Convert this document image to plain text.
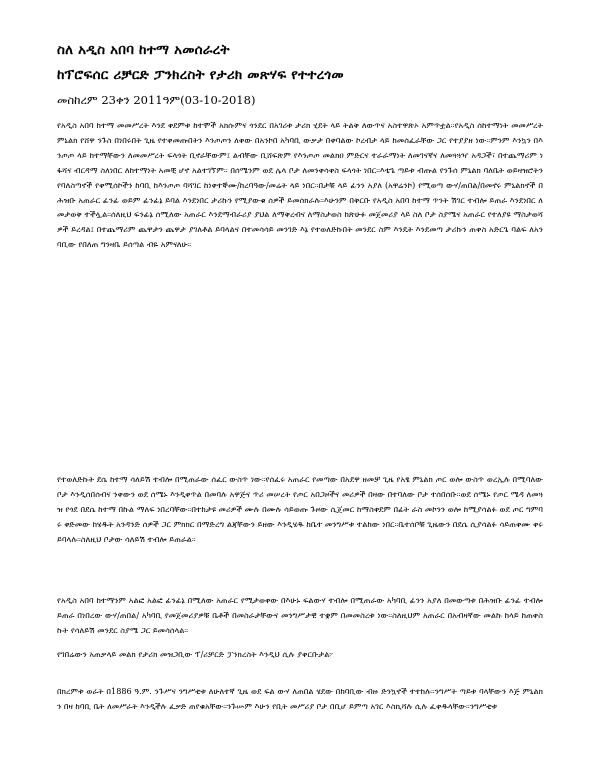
ስለ አዲስ አበባ ከተማ አመሰራረት
ከፕሮፍሰር ሪቻርድ ፓንክረስት የታሪክ መጽሃፍ የተተረጎመ
መስከረም 23ቀን 2011ዓም(03-10-2018)

የአዲስ አበባ ከተማ መመሥረት እንደ ቀደምቱ ከተሞች አክሱምና ጎንደር በአገሪቱ ታሪክ ሂደት ላይ ትልቅ ለውጥና አስተዋጽኦ አምጥቷል።የአዲስ ሰከተማነት መመሥረት ምኒልክ የሸዋ ንጉስ በነበሩበት ጊዜ የተቀመጡበትን እንጦጦን ለቀው በአንኮበ አካባቢ ውቃታ በቀባልው ኮረብታ ላይ ከመሰፈራቸው ጋር የተያያዘ ነው።ምንም እንኳን በእንጦጦ ላይ ከተማቸውን ለመመሥረት ፍላጎት ቢኖራቸውም፤ ልብቸው ቢሸፍጽም የእንጦጦ መልክዐ ምድርና ተራራማነት ለመገናኛና ለመጓጓዣ አዳጋች፣ በተጨማሪም ነፋሻና ብርዳማ ስለነበር ለከተማነት አመቺ ሆኖ አልተገኘም። በሰሜንም ወደ ሌላ ቦታ ለመንቀሳቀስ ፍላጎት ነበር።እቴጌ ጣይቱ ብጡል የንጉሰ ምኒልክ ባለቤት ወይዛዝሮትን የባለስጣኖች የቀሚሰኮችን ከባቢ ከእንጦጦ ባሻገር ከነቀተኞሙ/ከረባዓው/መሬት ላይ ነበር።በታቹ ላይ ፊንን አያለ (አዋሬንኮ) የሚወጣ ውሃ/ጠበል/በመኖሩ ምኒልክኖች በሕዝቡ አጠራር ፊንፊ ወይም ፊንፊኔ ይባል እንደነበር ታሪኩን የሚያውቁ ሰዎች ይመሰክራሉ።እሁንም በቅርቡ የአዲስ አበባ ከተማ ጥንት ሽገር ተብሎ ይጠራ እንደነበር ለመታወቅ ተችሏል።ሰለዚህ ፍንፊኔ ሰሚለው አጠራር እንደማብራሪያ ያህል ለማቅረብና ለማስታወስ ከጽሁፉ መጀመሪያ ላይ ስለ ቦታ ስያሜና አጠራር የተለያዩ ማስታወሻዎች ይረዳል፤ በተጨማሪም ጨዋታን ጨዋታ ያገለቶል ይባላልና በተመሳሳይ መንገድ እኔ የተወለድኩበት መንደር ስም እንዴት እንደመጣ ታሪኩን ጠቀስ አድርጌ ባልፍ ለአንባቢው የበለጠ ግንዛቤ ይሰጣል ብዬ አምናለሁ።

የተወለድኩት ደሴ ከተማ ሳለይሽ ተብሎ በሚጠራው ሰፈር ውስጥ ነው።የሰፈሩ አጠራር የመጣው በአደዋ ዘመቻ ጊዜ የአፄ ምኒልክ ጦር ወሎ ውስጥ ወረኢሉ በሚባለው ቦታ እንዲሰበሰብና ንቀውን ወደ ሰሜኑ እንዲቀጥል በመባሉ አዋጅና ጥሪ መሠረት የጦር አበጋዞችና መሪዎች በዛው በተባለው ቦታ ተሰበሰቡ።ወደ ሰሜኑ የጦር ሜዳ ለመጓዝ የጎደ በደሴ ከተማ በኩል ማለፍ ነበረባቸው።በተከታዩ መሪዎች ሙሉ በሙሉ ሳይወጡ ጉዞው ሲጀመር ከማስቀደም በፊት ራስ መኮንን ወሎ ከሚያሳልፉ ወደ ጦር ግምባሩ ቀድመው ከሄዱት አንዳንድ ሰዎች ጋር ምክክር በማድረግ ልጃቸውን ይዘው እንዲሄዱ ከቤተ መንግሥቱ ተልከው ነበር።ቤተሰቦቹ ጊዜውን በደሴ ሲያሳልፉ ሳይጠቀሙ ቀሩ ይባላሉ።ስለዚህ ቦታው ሳለይሽ ተብሎ ይጠራል።

የአዲስ አበባ ከተማንም አልፎ አልፎ ፊንፊኔ በሚለው አጠራር የሚታወቀው በእሁኑ ፍልውሃ ተብሎ በሚጠራው አካባቢ ፊንን አያለ በመውጣቱ በሕዝቡ ፊንፊ ተብሎ ይጠራ በነበረው ውሃ/ጠበል/ አካባቢ የመጀመሪያዎቹ ቤቶች በመስራታቸውና መንግሥታዊ ተቋም በመመስረቱ ነው።ስለዚህም አጠራር በአብዛኛው መልኩ ከላይ ከጠቀስኩት የሳለይሽ መንደር ስያሜ ጋር ይመሳሰላል።

የገበሬውን አጠቃላይ መልክ የታሪክ መዝጋቢው ፕ/ሪቻርድ ፓንክረስት እንዲህ ሲሉ ያቀርቡታል፦

በክረምቱ ወራት በ1886 ዓ.ም. ንጉሥና ንግሥቲቱ ለሁለተኛ ጊዜ ወደ ፍል ውሃ ለጠበል ሄደው በከባቢው ብዙ ድንኳኖች ተተከሉ።ንግሥት ጣይቱ ባላቸውን እጅ ምኒልክን በዛ ከባቢ ቤት ለመሥራት እንዲችሉ ፈቃድ ጠየቁአቸው።ንጉሡም እሁን የቢት መሥሪያ ቦታ በቢሆ ይምጣ አገር እስኪሻሉ ሲሉ ፈቀዱላቸው።ንግሥቲቱ
